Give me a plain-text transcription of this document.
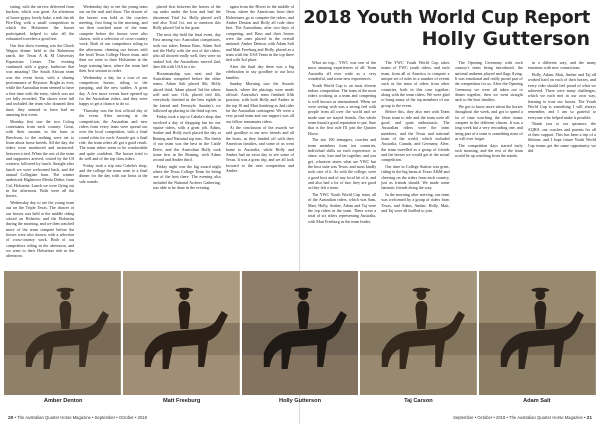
eating, with the service delivered from buckets, which was great. An afternoon of horse-gypsy lovely bake, a trek fan rib Fire-Dog with a small competition in which the Holsteiner the horses participated, helped to take all the exhausted travelers a good test.

Our first show evening was the Chuck Wagon dinner held at the Robertson ranch, the Texas A & M University Equestrian Center. The evening continued with a gypsy, barbecue that was amazing! The South African team was the event hosts, with a sharing performance of Beyonce. Bright as ever, while the Australian team seemed to have a fine time with the entry, which was not yet fully recorded. The shows were full and included the team who donated their time; they seemed to have had an amazing first event.

Monday first saw the two Colorg contestants from each country: Great, with their mounts in the barn at Beechson, to the nothing were set to learn about horse breeds. All the day, the riders were monitored and instructed: between a tied. When the rest of the team and supporters arrived, visited by the US western, followed by lunch. Straight after lunch we were welcomed back, and the annual Collegiate barn. The winner undertook Hightower Meola Didier, from Cal, Holsteins. Lunch we were flying out in the afternoon. Both were all the horses.

Wednesday day to see the young team out on the Triple Texas. The drawer of our horses was held at the middle riding school on Holstein, and the Holsteins during the morning, and we then watched more of the team compete before the horses were also shown, with a selection of cross-country work. Both of our competitors riding in the afternoon, and we went to their Holsteiner ride in the afternoon.

Wednesday day to see the young team out on the trail and show. The drawer of the horses was held at the coaches meeting, first thing in the morning, and we then watched more of the team compete before the horses were also shown, with a selection of cross-country work. Both of our competitors riding in the afternoon, cleaning our horses with the local Texas College Horse team, and then we went to their Holsteiner at the large training barn, where the team had their first session in order.

Wednesday a day for a tour of our competitors horses, riding to the jumping, and the new stables. A great day. A few more events have opened up for the Australian riders, and they were happy to get a chance to do so.

Thursday was the first official day of the event. After arriving at the competition, the Australian and new riders from every team were spread out over the local competition, with a final round robin for each. Anatole got a final ride, the team riders all got a good result. The team riders seem to be comfortable and quite confident. The horses tried to do well and of the top class riders.

Friday took a trip into Cabela's shop, and the college the team went to a final dinner for the day with our hosts at the sale rounds.

placed first between the horses of the top ranks under the Iron and had the placement Trial 1st. Holly placed well and also Trial 1st, not to mention this Holly placed 3rd in the great.

The next day held the final event, day First among two Australian competitors, both our riders Emma Bass, Adam Sult and the Holly with the rest of the riders, who all showed really well, they were no ranked 3rd, the Australians moved 2nd, then 4th with USA in a tie.

Horsemanship was next and the Australians competed before the other teams. Adam Sult placed 8th, Holly placed third, Adam placed 3rd the others well and was 11th, placed tied 4th, everybody finished in the best eighth in the lateral and Freestyle. Sunday's we followed up placing in the third top ten.

Friday took a trip to Cabela's shop that involved a day of shopping fun for our equine riders, with a great job. Adam, Amber and Holly each placed the day at Reining and National top tens. The finish of our team was the best in the Cattle Drive, and the Australian Holly took home first in the Reining, with Adam second and Amber third.

Friday night was the big award night where the Texas College Team for being one of the best there. The evening also included the National Archers Gathering, was able to be done in the evening.

again from the Rivers in the middle of Texas, where the Americans from their Holsteiners go to compete the riders, and Amber Denton and Holly all rode their best. The Australians, after two days of competing, and Bass and their horses were the ones placed in the overall national. Amber Denton, with Adam Sult and Matt Freeburg and Holly, placed as a team with the USA Team in the top three tied with 3rd place.

After the final day there was a big celebration to say goodbye to our host families.

Sunday Morning saw the Awards brunch, where the placings were made official. Australia's team finished fifth position, with both Holly and Amber in the top 10 and Matt finishing as 2nd rider for the Australian contingent. We were a very proud team and our support was all our fellow teammates riders.

At the conclusion of the awards we said goodbye to our new friends and all the hosts, as they headed off with their American families, and some of us went home to Australia, while Holly and Amber had an extra day to see some of Texas. It was a great trip, and we all look forward to the next competition and Amber.

20 • The Australian Quarter Horse Magazine • September • October • 2018
2018 Youth World Cup Report
Holly Gutterson

What an trip... YWC was one of the most amazing experiences of all. Team Australia all ever wide as a very wonderful, and some new experiences.

Youth World Cup is an most diverse indoor competition. The team of the most riders working as a team and competing is well known as international. When we were seeing with was a strong feel with people from all over the world and we made sure we stayed friends. Our whole team found a good reputation to put. Sure that is the first rule I'll join the Quarter Horse.

The site 100 teenagers, coaches and team members from ten countries, individual skills on each experience, to share, win, lose and be together, and you get, whatever tastes what are YWC but the host state was Texas, and most kindly took care of it. As with the college, were a good host and of any local bit of it, and and also had a lot of fun; they are good as they felt a team.

The YWC Youth World Cup team, all of the Australian riders, which was Sam, Matt, Holly, Amber, Adam and Taj were the top riders in the team. There were a total of six riders representing Australia, with Matt Freeburg as the team leader.

The YWC Youth World Cup takes teams of YWC youth riders, and each team, from all of America to compete a unique set of rules in a number of events such as the team of riders from other countries, both in this case together, along with the team riders. We were glad to bring many of the top members of our group to the event.

Before this, they also met with Team Texas team to ride and the team were all good, and quite enthusiastic. The Australian riders were the team members, and the Texas and national team of the world, which included Australia, Canada, and Germany. After, the team travelled as a group of friends and the horses we would get at the actual competition.

Our time in College Station was great, riding in the big barns at Texas A&M and cheering on the riders from each country, just as friends should. We made some fantastic friends along the way.

In the morning after arriving, our team was welcomed by a group of riders from Texas, and Adam, Amber, Holly, Matt, and Taj were all thrilled to join.

The Opening Ceremony with each country's team being introduced, the national anthems played and flags flying. It was emotional and really proud part of the competition for us. After the Opening Ceremony we were all taken out to dinner together, then we went straight back to the host families.

We got to know more about the horses throughout the week, and got to spend a lot of time watching the other teams compete in the different classes. It was a long week but a very rewarding one, and being part of a team is something none of us will ever forget.

The competition days started early each morning, and the rest of the team would be up watching from the stands.

in a different way, and the many emotions with new connections.

Holly, Adam, Matt, Amber and Taj all worked hard on each of their horses, and every rider should feel proud of what we achieved. There were many challenges, which we each met in our own way, learning to trust our horses. The Youth World Cup is something I will always remember, and I am so grateful to everyone who helped make it possible.

Thank you to our sponsors, the AQHA, our coaches and parents for all of their support. This has been a trip of a lifetime, and I hope future Youth World Cup teams get the same opportunity we did.

September • October • 2018 • The Australian Quarter Horse Magazine • 21
Amber Denton	Matt Freeburg	Holly Gutterson	Taj Carson	Adam Salt
